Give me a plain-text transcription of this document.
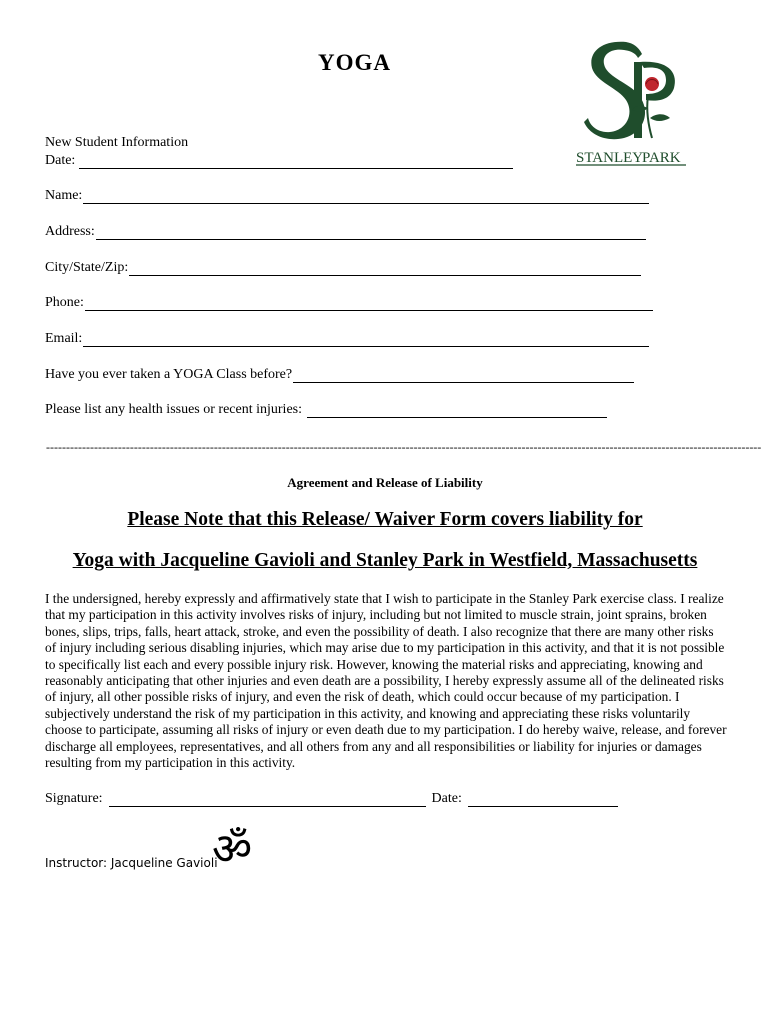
YOGA
STANLEY
PARK
New Student Information
Date:
Name:
Address:
City/State/Zip:
Phone:
Email:
Have you ever taken a YOGA Class before?
Please list any health issues or recent injuries:
-----------------------------------------------------------------------------------------------------------------------------------------------------------------------------------
Agreement and Release of Liability
Please Note that this Release/ Waiver Form covers liability for
Yoga with Jacqueline Gavioli and Stanley Park in Westfield, Massachusetts
I the undersigned, hereby expressly and affirmatively state that I wish to participate in the Stanley Park exercise class. I realize that my participation in this activity involves risks of injury, including but not limited to muscle strain, joint sprains, broken bones, slips, trips, falls, heart attack, stroke, and even the possibility of death. I also recognize that there are many other risks of injury including serious disabling injuries, which may arise due to my participation in this activity, and that it is not possible to specifically list each and every possible injury risk. However, knowing the material risks and appreciating, knowing and reasonably anticipating that other injuries and even death are a possibility, I hereby expressly assume all of the delineated risks of injury, all other possible risks of injury, and even the risk of death, which could occur because of my participation. I subjectively understand the risk of my participation in this activity, and knowing and appreciating these risks voluntarily choose to participate, assuming all risks of injury or even death due to my participation. I do hereby waive, release, and forever discharge all employees, representatives, and all others from any and all responsibilities or liability for injuries or damages resulting from my participation in this activity.
Signature:	Date:
Instructor: Jacqueline Gavioli
ॐ
